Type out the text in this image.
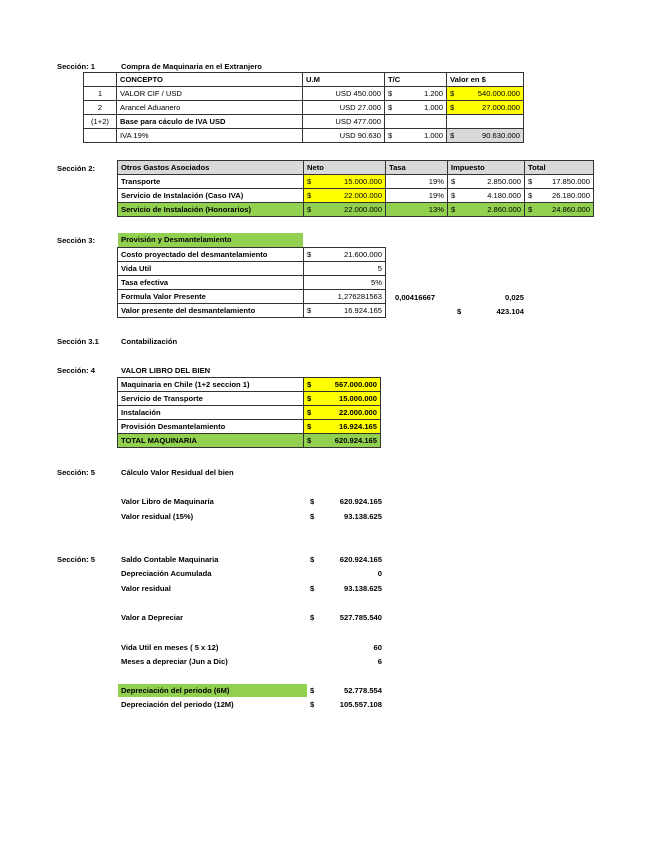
Sección: 1	Compra de Maquinaria en el Extranjero
	CONCEPTO	U.M	T/C	Valor en $
1	VALOR CIF / USD	USD 450.000	$ 1.200	$ 540.000.000

2	Arancel Aduanero	USD 27.000	$ 1.000	$ 27.000.000

(1+2)	Base para cáculo de IVA USD	USD 477.000		
	IVA 19%	USD 90.630	$ 1.000	$ 90.630.000
Sección 2:	Otros Gastos Asociados	Neto	Tasa	Impuesto	Total
Transporte	$ 15.000.000	19%	$ 2.850.000	$ 17.850.000

Servicio de Instalación (Caso IVA)	$ 22.000.000	19%	$ 4.180.000	$ 26.180.000

Servicio de Instalación (Honorarios)	$ 22.000.000	13%	$ 2.860.000	$ 24.860.000
Sección 3:	Provisión y Desmantelamiento
Costo proyectado del desmantelamiento	$ 21.600.000

Vida Util	5
Tasa efectiva	5%
Formula Valor Presente	1,276281563
Valor presente del desmantelamiento	$ 16.924.165
0,00416667	0,025
$	423.104
Sección 3.1	Contabilización
Sección: 4	VALOR LIBRO DEL BIEN
Maquinaria en Chile (1+2 seccion 1)	$ 567.000.000

Servicio de Transporte	$ 15.000.000

Instalación	$ 22.000.000

Provisión Desmantelamiento	$ 16.924.165

TOTAL MAQUINARIA	$ 620.924.165
Sección: 5	Cálculo Valor Residual del bien
Valor Libro de Maquinaría	$	620.924.165
Valor residual (15%)	$	93.138.625
Sección: 5	Saldo Contable Maquinaria	$	620.924.165
Depreciación Acumulada	0
Valor residual	$	93.138.625
Valor a Depreciar	$	527.785.540
Vida Util en meses ( 5 x 12)	60
Meses a depreciar (Jun a Dic)	6
Depreciación del periodo (6M)	$	52.778.554
Depreciación del periodo (12M)	$	105.557.108
